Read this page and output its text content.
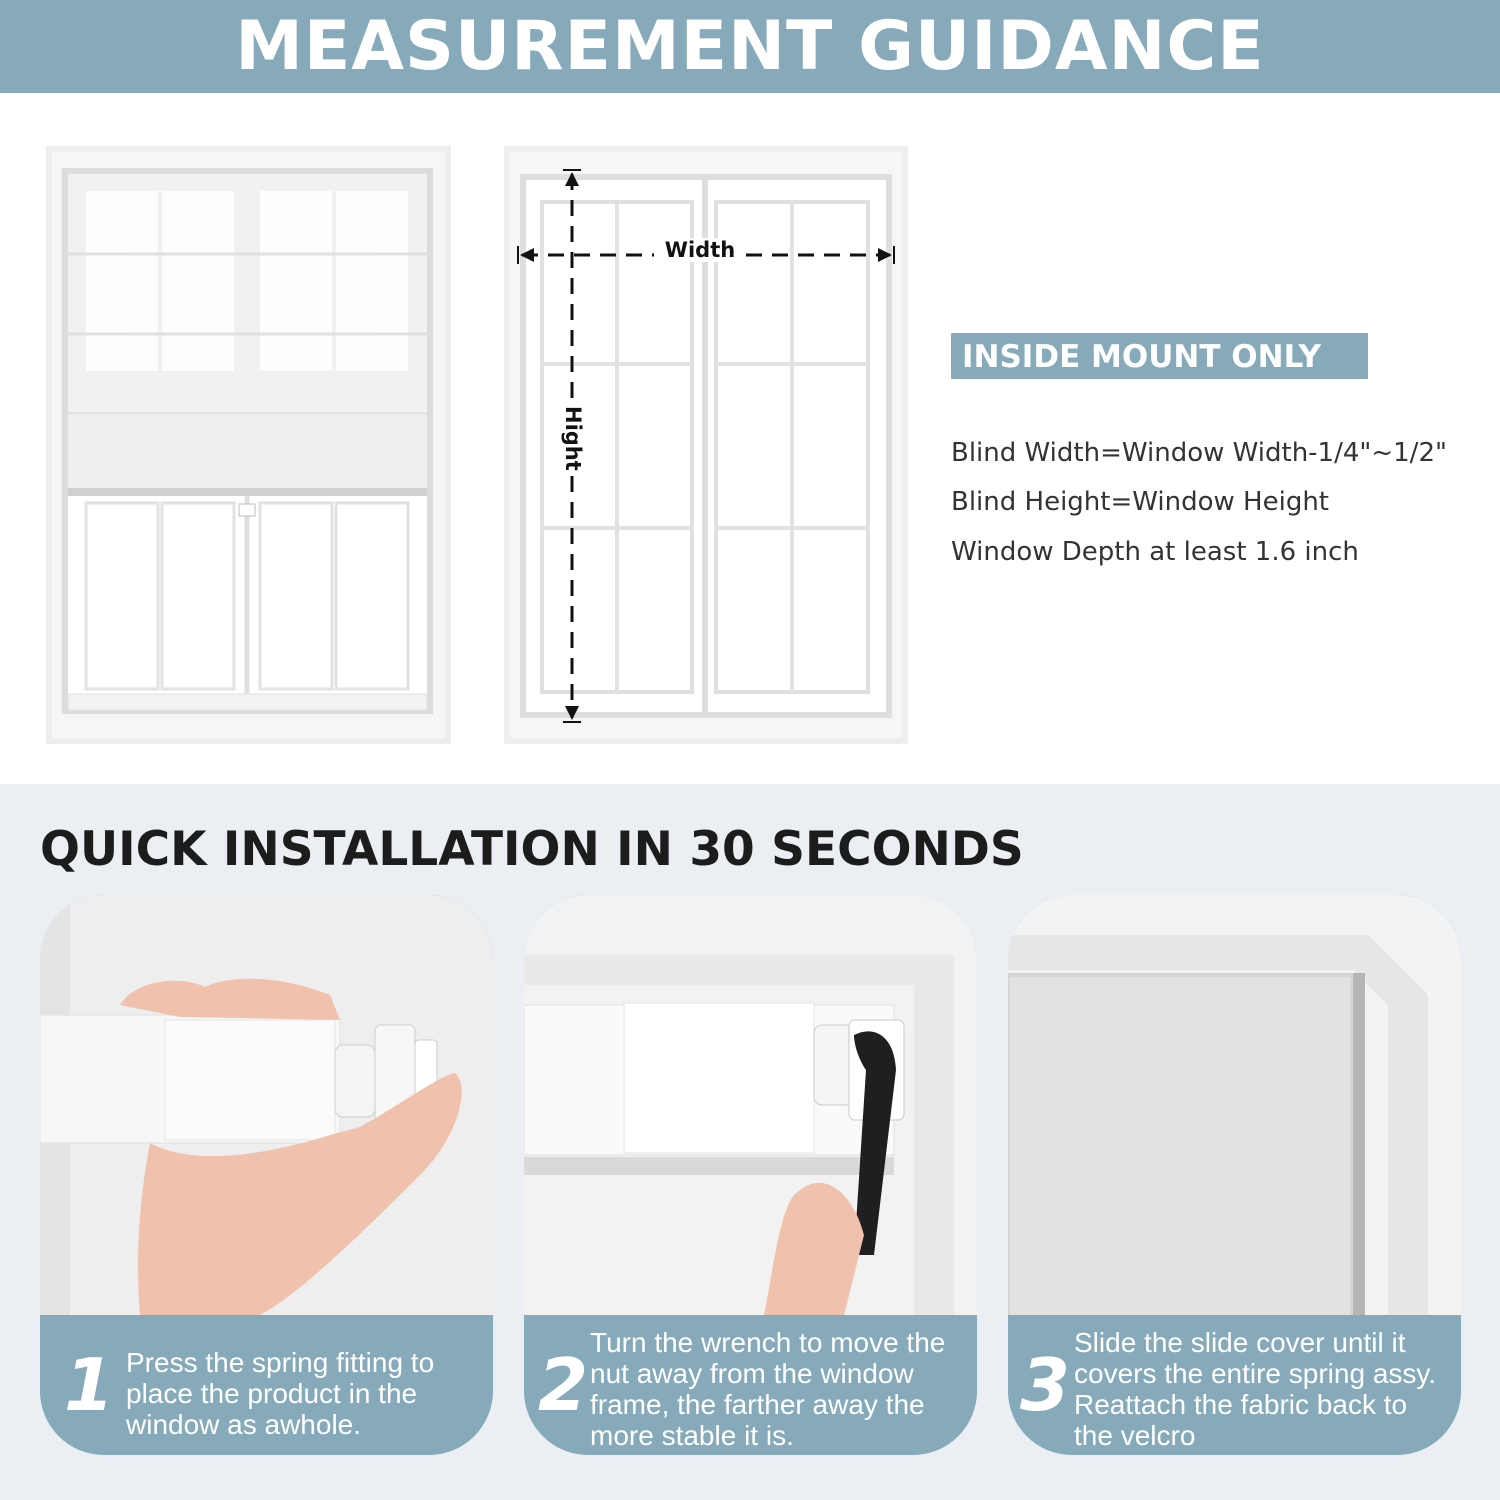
MEASUREMENT GUIDANCE
Width
Hight
INSIDE MOUNT ONLY
Blind Width=Window Width-1/4"~1/2"
Blind Height=Window Height
Window Depth at least 1.6 inch
QUICK INSTALLATION IN 30 SECONDS
1 Press the spring fitting to
place the product in the
window as awhole.	2
Turn the wrench to move the
nut away from the window
frame, the farther away the
more stable it is.
3
Slide the slide cover until it
covers the entire spring assy.
Reattach the fabric back to
the velcro
